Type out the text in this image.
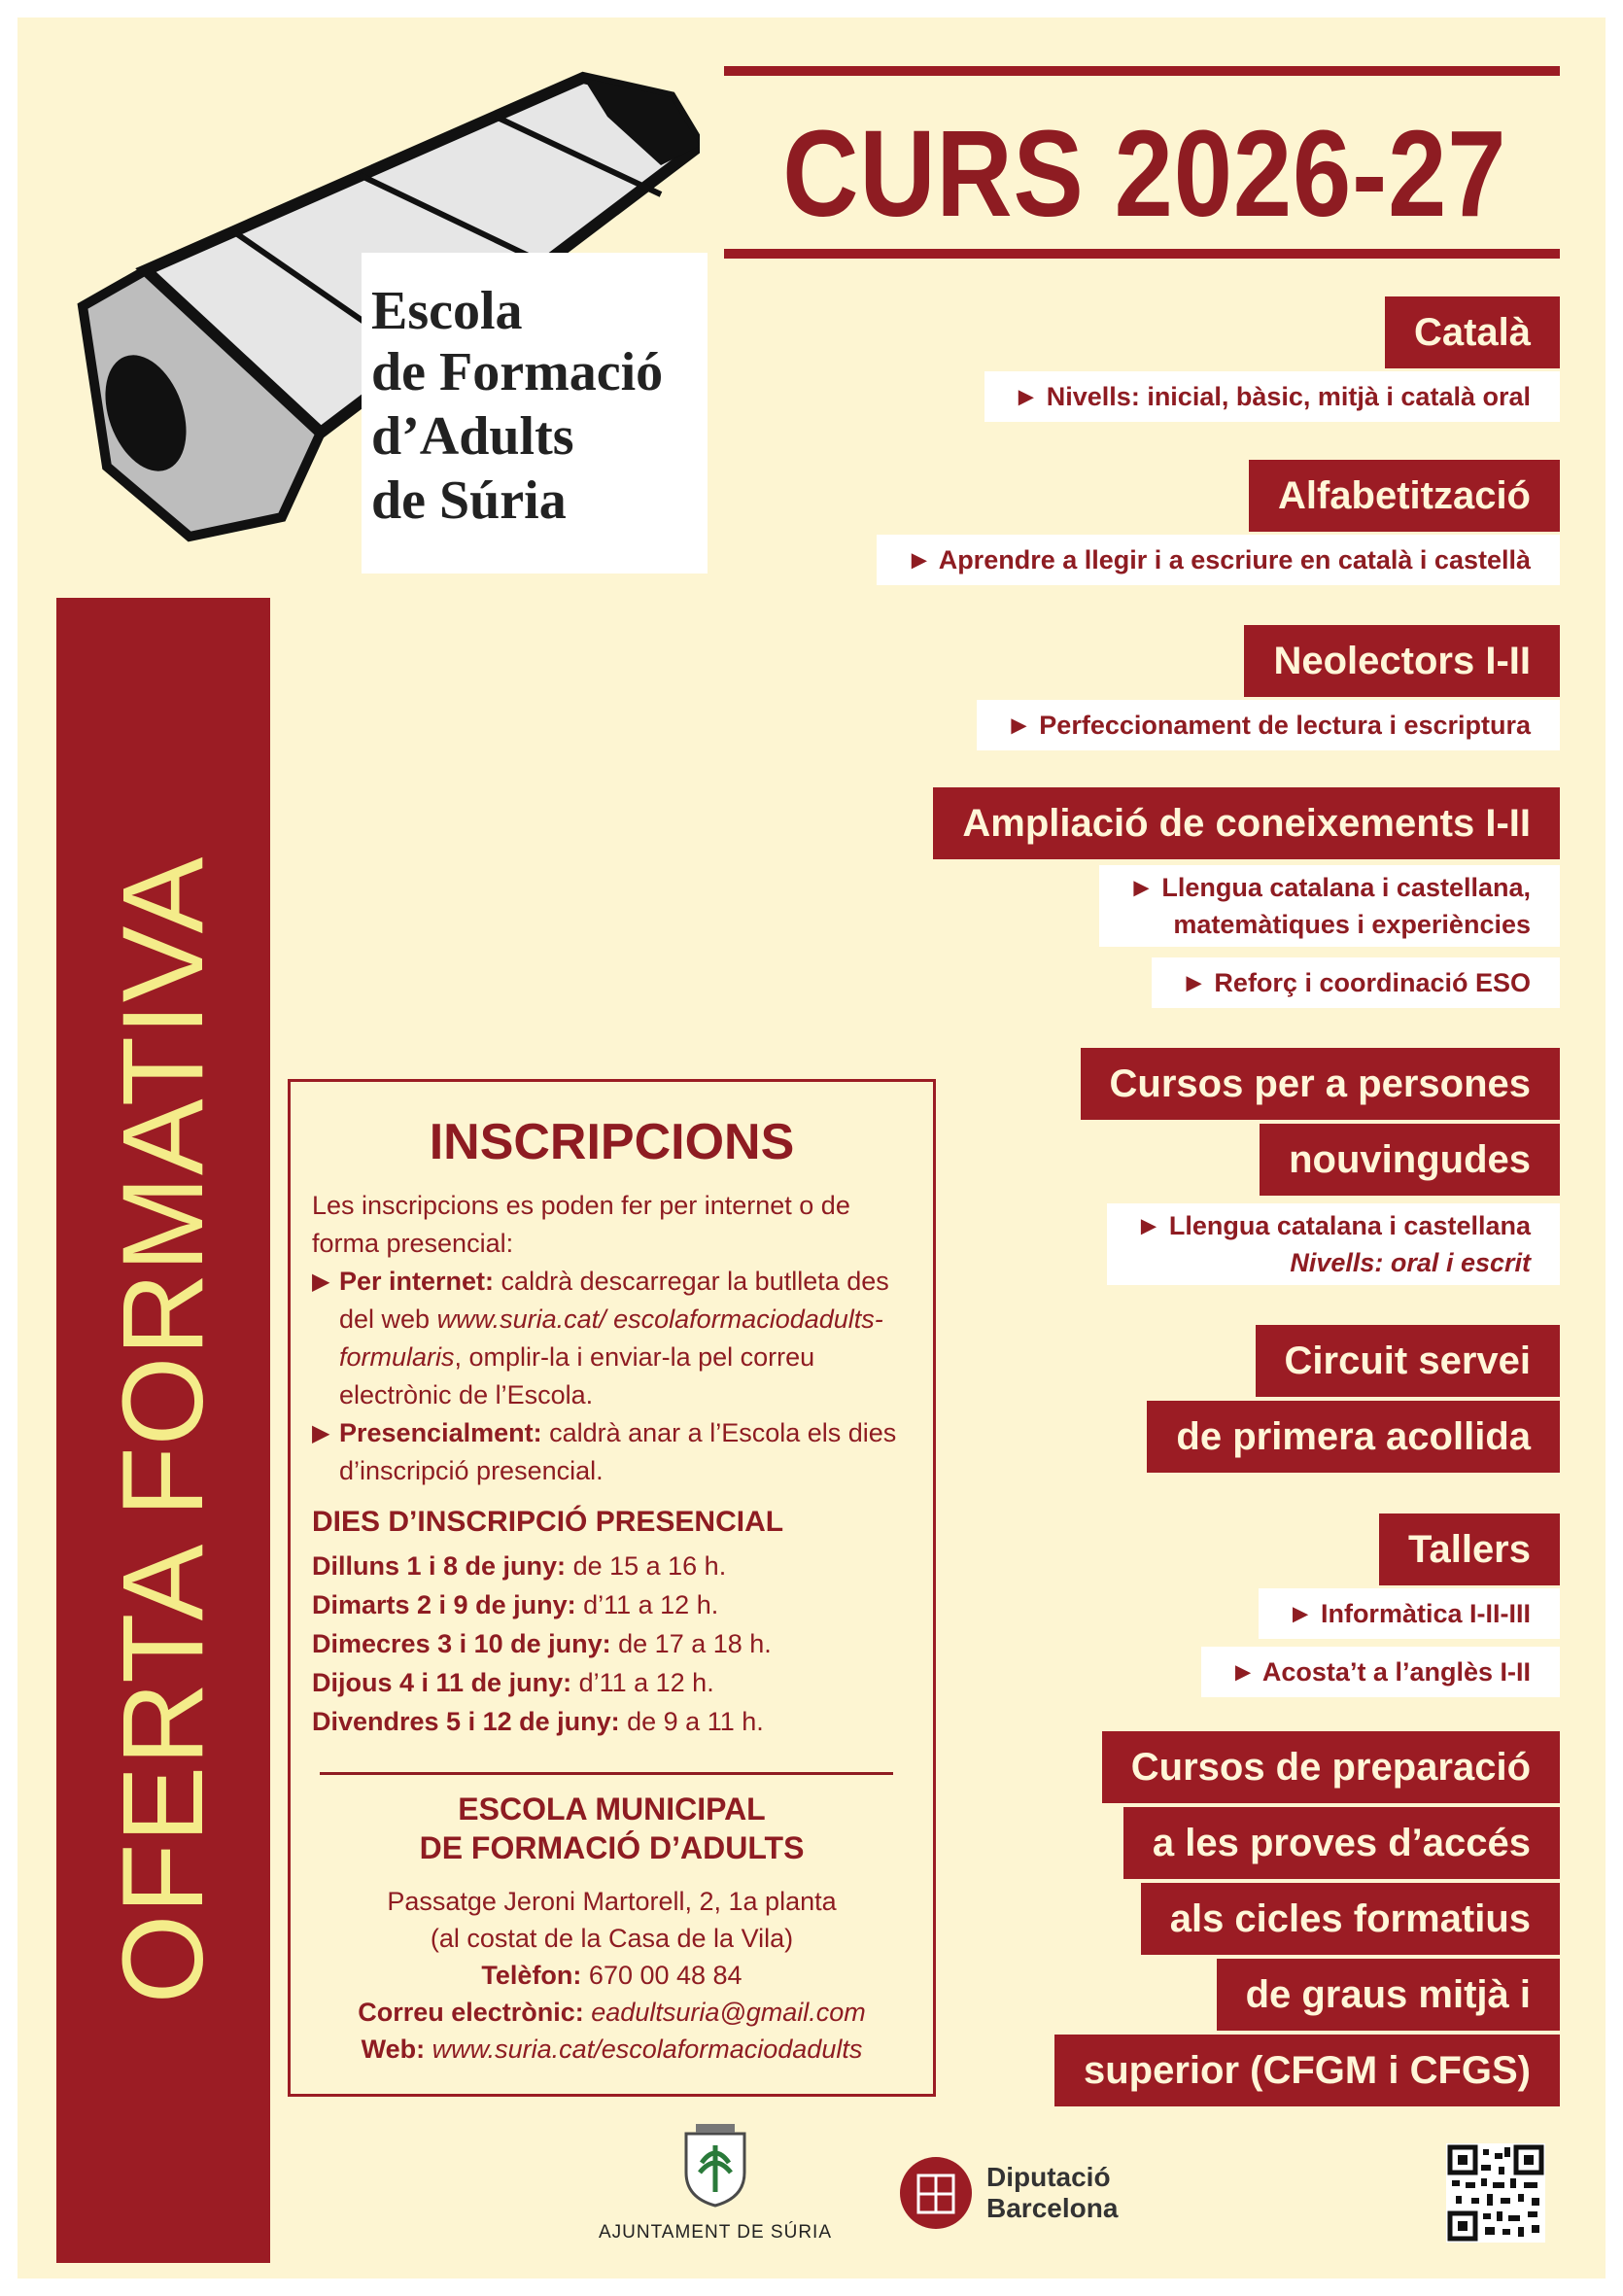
Escola
de Formació
d’Adults
de Súria
CURS 2026-27
OFERTA FORMATIVA
Català
► Nivells: inicial, bàsic, mitjà i català oral
Alfabetització
► Aprendre a llegir i a escriure en català i castellà
Neolectors I-II
► Perfeccionament de lectura i escriptura
Ampliació de coneixements I-II
► Llengua catalana i castellana,
matemàtiques i experiències
► Reforç i coordinació ESO
Cursos per a persones
nouvingudes
► Llengua catalana i castellana
Nivells: oral i escrit
Circuit servei
de primera acollida
Tallers
► Informàtica I-II-III
► Acosta’t a l’anglès I-II
Cursos de preparació
a les proves d’accés
als cicles formatius
de graus mitjà i
superior (CFGM i CFGS)
INSCRIPCIONS
Les inscripcions es poden fer per internet o de forma presencial:
▶ Per internet: caldrà descarregar la butlleta des del web www.suria.cat/ escolaformaciodadults-formularis, omplir-la i enviar-la pel correu electrònic de l’Escola.
▶ Presencialment: caldrà anar a l’Escola els dies d’inscripció presencial.
DIES D’INSCRIPCIÓ PRESENCIAL
Dilluns 1 i 8 de juny: de 15 a 16 h.
Dimarts 2 i 9 de juny: d’11 a 12 h.
Dimecres 3 i 10 de juny: de 17 a 18 h.
Dijous 4 i 11 de juny: d’11 a 12 h.
Divendres 5 i 12 de juny: de 9 a 11 h.
ESCOLA MUNICIPAL
DE FORMACIÓ D’ADULTS
Passatge Jeroni Martorell, 2, 1a planta
(al costat de la Casa de la Vila)
Telèfon: 670 00 48 84
Correu electrònic: eadultsuria@gmail.com
Web: www.suria.cat/escolaformaciodadults
AJUNTAMENT DE SÚRIA
Diputació
Barcelona
